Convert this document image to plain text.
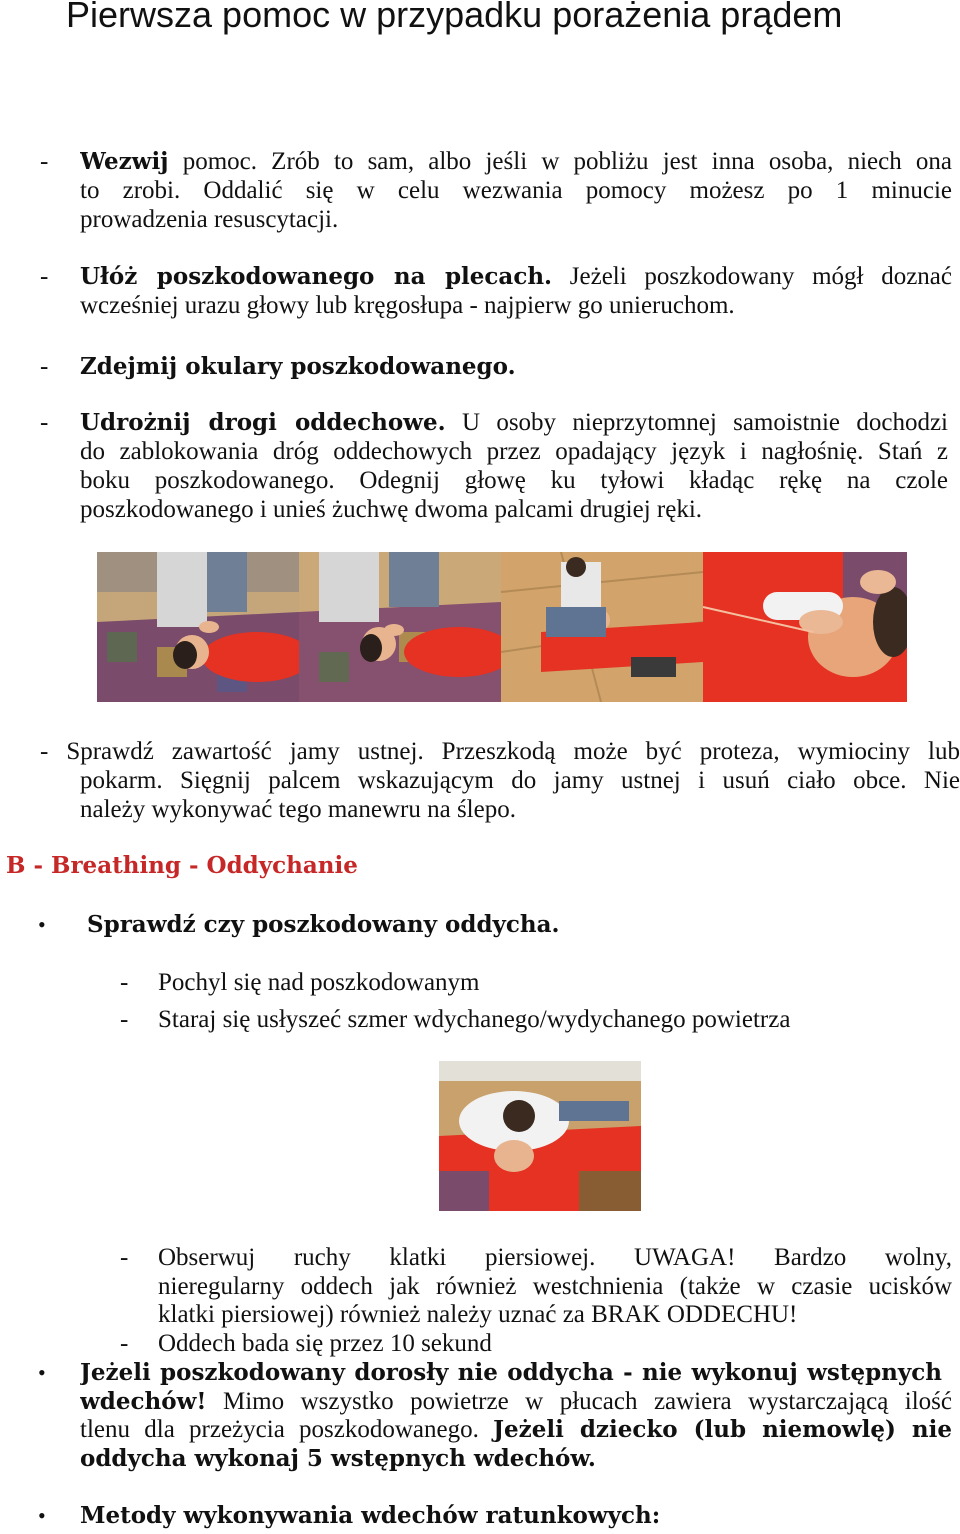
Pierwsza pomoc w przypadku porażenia prądem
- Wezwij pomoc. Zrób to sam, albo jeśli w pobliżu jest inna osoba, niech ona
to zrobi. Oddalić się w celu wezwania pomocy możesz po 1 minucie
prowadzenia resuscytacji.
- Ułóż poszkodowanego na plecach. Jeżeli poszkodowany mógł doznać
wcześniej urazu głowy lub kręgosłupa - najpierw go unieruchom.
- Zdejmij okulary poszkodowanego.
- Udrożnij drogi oddechowe. U osoby nieprzytomnej samoistnie dochodzi
do zablokowania dróg oddechowych przez opadający język i nagłośnię. Stań z
boku poszkodowanego. Odegnij głowę ku tyłowi kładąc rękę na czole
poszkodowanego i unieś żuchwę dwoma palcami drugiej ręki.
- Sprawdź zawartość jamy ustnej. Przeszkodą może być proteza, wymiociny lub
pokarm. Sięgnij palcem wskazującym do jamy ustnej i usuń ciało obce. Nie
należy wykonywać tego manewru na ślepo.
B - Breathing - Oddychanie
• Sprawdź czy poszkodowany oddycha.
- Pochyl się nad poszkodowanym
- Staraj się usłyszeć szmer wdychanego/wydychanego powietrza
- Obserwuj ruchy klatki piersiowej. UWAGA! Bardzo wolny,
nieregularny oddech jak również westchnienia (także w czasie ucisków
klatki piersiowej) również należy uznać za BRAK ODDECHU!
- Oddech bada się przez 10 sekund
• Jeżeli poszkodowany dorosły nie oddycha - nie wykonuj wstępnych
wdechów! Mimo wszystko powietrze w płucach zawiera wystarczającą ilość
tlenu dla przeżycia poszkodowanego. Jeżeli dziecko (lub niemowlę) nie
oddycha wykonaj 5 wstępnych wdechów.
• Metody wykonywania wdechów ratunkowych:
